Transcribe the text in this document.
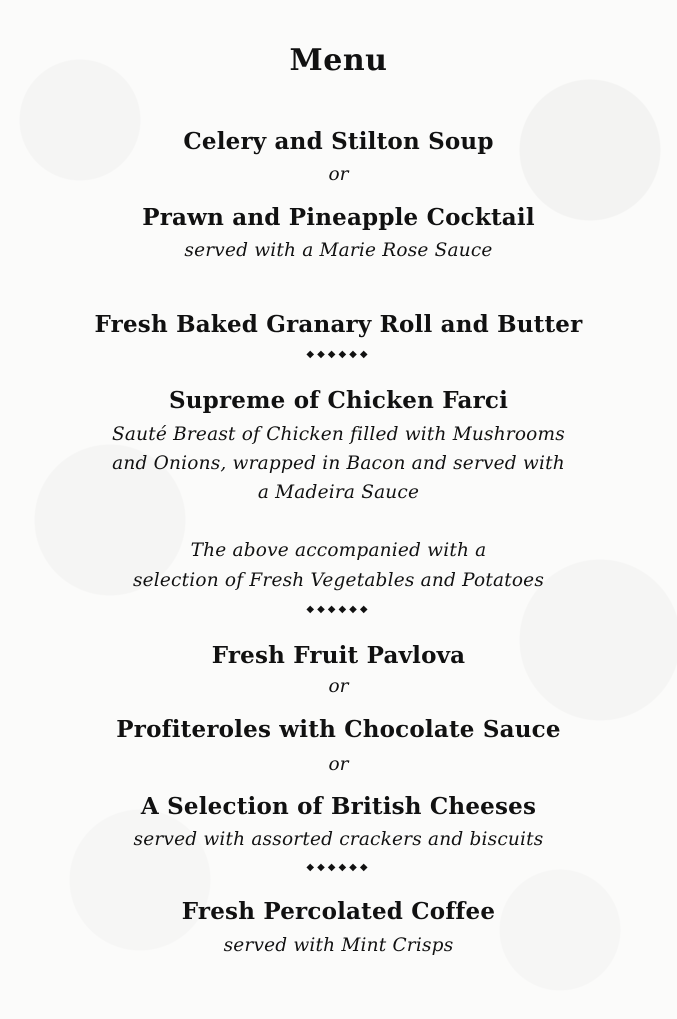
Menu
Celery and Stilton Soup
or
Prawn and Pineapple Cocktail
served with a Marie Rose Sauce
Fresh Baked Granary Roll and Butter
◆◆◆◆◆◆
Supreme of Chicken Farci
Sauté Breast of Chicken filled with Mushrooms
and Onions, wrapped in Bacon and served with
a Madeira Sauce
The above accompanied with a
selection of Fresh Vegetables and Potatoes
◆◆◆◆◆◆
Fresh Fruit Pavlova
or
Profiteroles with Chocolate Sauce
or
A Selection of British Cheeses
served with assorted crackers and biscuits
◆◆◆◆◆◆
Fresh Percolated Coffee
served with Mint Crisps
